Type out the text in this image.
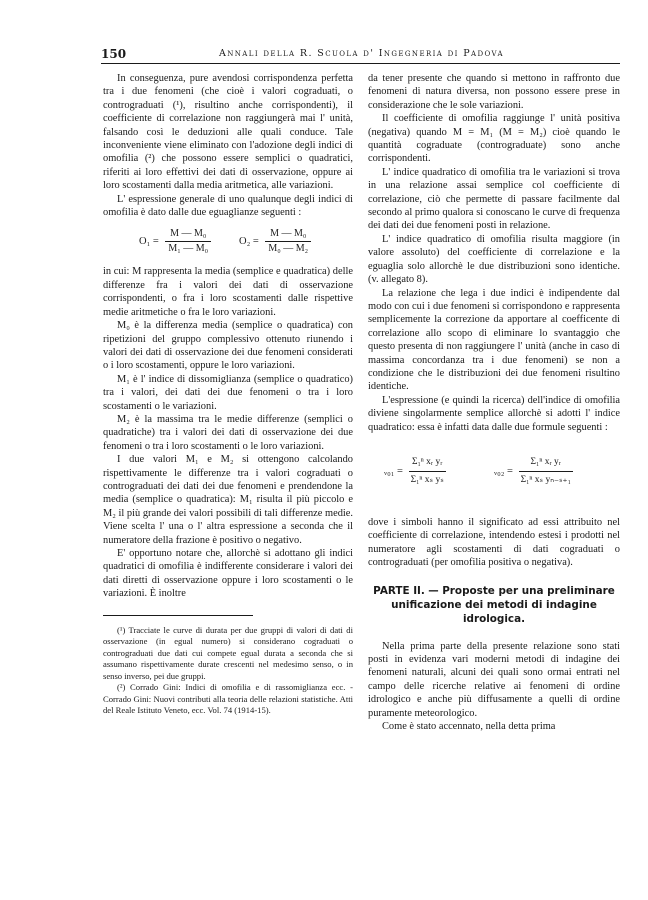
150	Annali della R. Scuola d' Ingegneria di Padova

In conseguenza, pure avendosi corrispondenza perfetta tra i due fenomeni (che cioè i valori cograduati, o contrograduati (¹), risultino anche corrispondenti), il coefficiente di correlazione non raggiungerà mai l' unità, falsando così le deduzioni alle quali conduce. Tale inconveniente viene eliminato con l'adozione degli indici di omofilia (²) che possono essere semplici o quadratici, riferiti ai loro effettivi dei dati di osservazione, oppure ai loro scostamenti dalla media aritmetica, alle variazioni.

L' espressione generale di uno qualunque degli indici di omofilia è dato dalle due eguaglianze seguenti :

$O_1 = \frac{\text{M — M₀}}{\text{M₁ — M₀}}$	$O_2 = \frac{\text{M — M₀}}{\text{M₀ — M₂}}$

in cui: M rappresenta la media (semplice e quadratica) delle differenze fra i valori dei dati di osservazione corrispondenti, o fra i loro scostamenti dalle rispettive medie aritmetiche o fra le loro variazioni.

M₀ è la differenza media (semplice o quadratica) con ripetizioni del gruppo complessivo ottenuto riunendo i valori dei dati di osservazione dei due fenomeni considerati o i loro scostamenti, oppure le loro variazioni.

M₁ è l' indice di dissomiglianza (semplice o quadratico) tra i valori, dei dati dei due fenomeni o tra i loro scostamenti o le variazioni.

M₂ è la massima tra le medie differenze (semplici o quadratiche) tra i valori dei dati di osservazione dei due fenomeni o tra i loro scostamenti o le loro variazioni.

I due valori M₁ e M₂ si ottengono calcolando rispettivamente le differenze tra i valori cograduati o contrograduati dei dati dei due fenomeni e prendendone la media (semplice o quadratica): M₁ risulta il più piccolo e M₂ il più grande dei valori possibili di tali differenze medie. Viene scelta l' una o l' altra espressione a seconda che il numeratore della frazione è positivo o negativo.

E' opportuno notare che, allorchè si adottano gli indici quadratici di omofilia è indifferente considerare i valori dei dati diretti di osservazione oppure i loro scostamenti o le variazioni. È inoltre

(¹) Tracciate le curve di durata per due gruppi di valori di dati di osservazione (in egual numero) si considerano cograduati o contrograduati due dati cui compete egual durata a seconda che si assumano rispettivamente durate crescenti nel medesimo senso, o in senso inverso, pei due gruppi.

(²) Corrado Gini: Indici di omofilia e di rassomiglianza ecc. - Corrado Gini: Nuovi contributi alla teoria delle relazioni statistiche. Atti del Reale Istituto Veneto, ecc. Vol. 74 (1914-15).

da tener presente che quando si mettono in raffronto due fenomeni di natura diversa, non possono essere prese in considerazione che le sole variazioni.

Il coefficiente di omofilia raggiunge l' unità positiva (negativa) quando M = M₁ (M = M₂) cioè quando le quantità cograduate (contrograduate) sono anche corrispondenti.

L' indice quadratico di omofilia tra le variazioni si trova in una relazione assai semplice col coefficiente di correlazione, ciò che permette di passare facilmente dal secondo al primo qualora si conoscano le curve di frequenza dei dati dei due fenomeni posti in relazione.

L' indice quadratico di omofilia risulta maggiore (in valore assoluto) del coefficiente di correlazione e la eguaglia solo allorchè le due distribuzioni sono identiche. (v. allegato 8).

La relazione che lega i due indici è indipendente dal modo con cui i due fenomeni si corrispondono e rappresenta semplicemente la correzione da apportare al coefficente di correlazione allo scopo di eliminare lo svantaggio che questo presenta di non raggiungere l' unità (anche in caso di massima concordanza tra i due fenomeni) se non a condizione che le distribuzioni dei due fenomeni risultino identiche.

L'espressione (e quindi la ricerca) dell'indice di omofilia diviene singolarmente semplice allorchè si adotti l' indice quadratico: essa è infatti data dalle due formule seguenti :

ᵥ₀₁ = $\frac{\text{Σ₁ⁿ xᵣ yᵣ}}{\text{Σ₁ⁿ xₛ yₛ}}$	ᵥ₀₂ = $\frac{\text{Σ₁ⁿ xᵣ yᵣ}}{\text{Σ₁ⁿ xₛ yₙ₋ₛ₊₁}}$

dove i simboli hanno il significato ad essi attribuito nel coefficiente di correlazione, intendendo estesi i prodotti nel numeratore agli scostamenti di dati cograduati o contrograduati (per omofilia positiva o negativa).

PARTE II. — Proposte per una preliminare unificazione dei metodi di indagine idrologica.

Nella prima parte della presente relazione sono stati posti in evidenza vari moderni metodi di indagine dei fenomeni naturali, alcuni dei quali sono ormai entrati nel campo delle ricerche relative ai fenomeni di ordine idrologico e anche più diffusamente a quelli di ordine puramente meteorologico.

Come è stato accennato, nella detta prima
